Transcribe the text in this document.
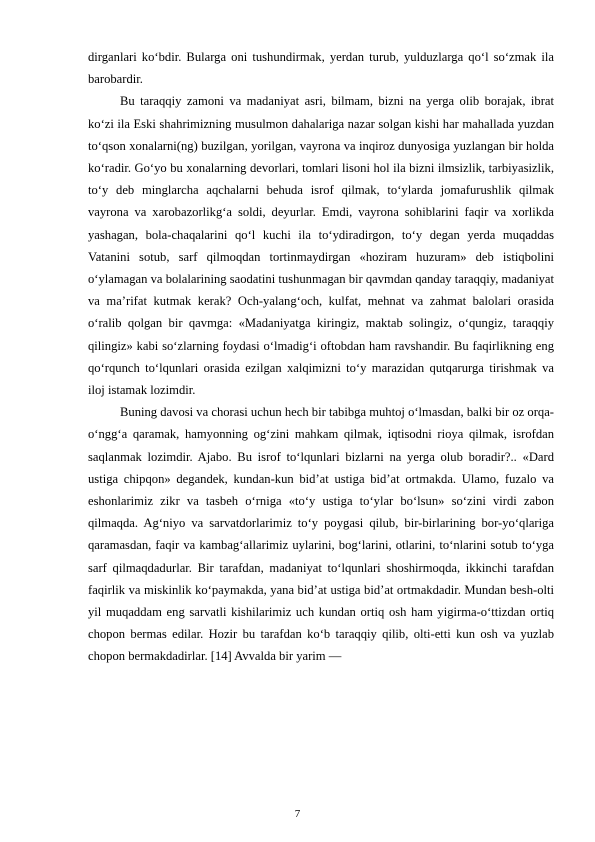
dirganlari ko‘bdir. Bularga oni tushundirmak, yerdan turub, yulduzlarga qo‘l so‘zmak ila barobardir.

Bu taraqqiy zamoni va madaniyat asri, bilmam, bizni na yerga olib borajak, ibrat ko‘zi ila Eski shahrimizning musulmon dahalariga nazar solgan kishi har mahallada yuzdan to‘qson xonalarni(ng) buzilgan, yorilgan, vayrona va inqiroz dunyosiga yuzlangan bir holda ko‘radir. Go‘yo bu xonalarning devorlari, tomlari lisoni hol ila bizni ilmsizlik, tarbiyasizlik, to‘y deb minglarcha aqchalarni behuda isrof qilmak, to‘ylarda jomafurushlik qilmak vayrona va xarobazorlikg‘a soldi, deyurlar. Emdi, vayrona sohiblarini faqir va xorlikda yashagan, bola-chaqalarini qo‘l kuchi ila to‘ydiradirgon, to‘y degan yerda muqaddas Vatanini sotub, sarf qilmoqdan tortinmaydirgan «hoziram huzuram» deb istiqbolini o‘ylamagan va bolalarining saodatini tushunmagan bir qavmdan qanday taraqqiy, madaniyat va ma’rifat kutmak kerak? Och-yalang‘och, kulfat, mehnat va zahmat balolari orasida o‘ralib qolgan bir qavmga: «Madaniyatga kiringiz, maktab solingiz, o‘qungiz, taraqqiy qilingiz» kabi so‘zlarning foydasi o‘lmadig‘i oftobdan ham ravshandir. Bu faqirlikning eng qo‘rqunch to‘lqunlari orasida ezilgan xalqimizni to‘y marazidan qutqarurga tirishmak va iloj istamak lozimdir.

Buning davosi va chorasi uchun hech bir tabibga muhtoj o‘lmasdan, balki bir oz orqa-o‘ngg‘a qaramak, hamyonning og‘zini mahkam qilmak, iqtisodni rioya qilmak, isrofdan saqlanmak lozimdir. Ajabo. Bu isrof to‘lqunlari bizlarni na yerga olub boradir?.. «Dard ustiga chipqon» degandek, kundan-kun bid’at ustiga bid’at ortmakda. Ulamo, fuzalo va eshonlarimiz zikr va tasbeh o‘rniga «to‘y ustiga to‘ylar bo‘lsun» so‘zini virdi zabon qilmaqda. Ag‘niyo va sarvatdorlarimiz to‘y poygasi qilub, bir-birlarining bor-yo‘qlariga qaramasdan, faqir va kambag‘allarimiz uylarini, bog‘larini, otlarini, to‘nlarini sotub to‘yga sarf qilmaqdadurlar. Bir tarafdan, madaniyat to‘lqunlari shoshirmoqda, ikkinchi tarafdan faqirlik va miskinlik ko‘paymakda, yana bid’at ustiga bid’at ortmakdadir. Mundan besh-olti yil muqaddam eng sarvatli kishilarimiz uch kundan ortiq osh ham yigirma-o‘ttizdan ortiq chopon bermas edilar. Hozir bu tarafdan ko‘b taraqqiy qilib, olti-etti kun osh va yuzlab chopon bermakdadirlar. [14] Avvalda bir yarim —

7
